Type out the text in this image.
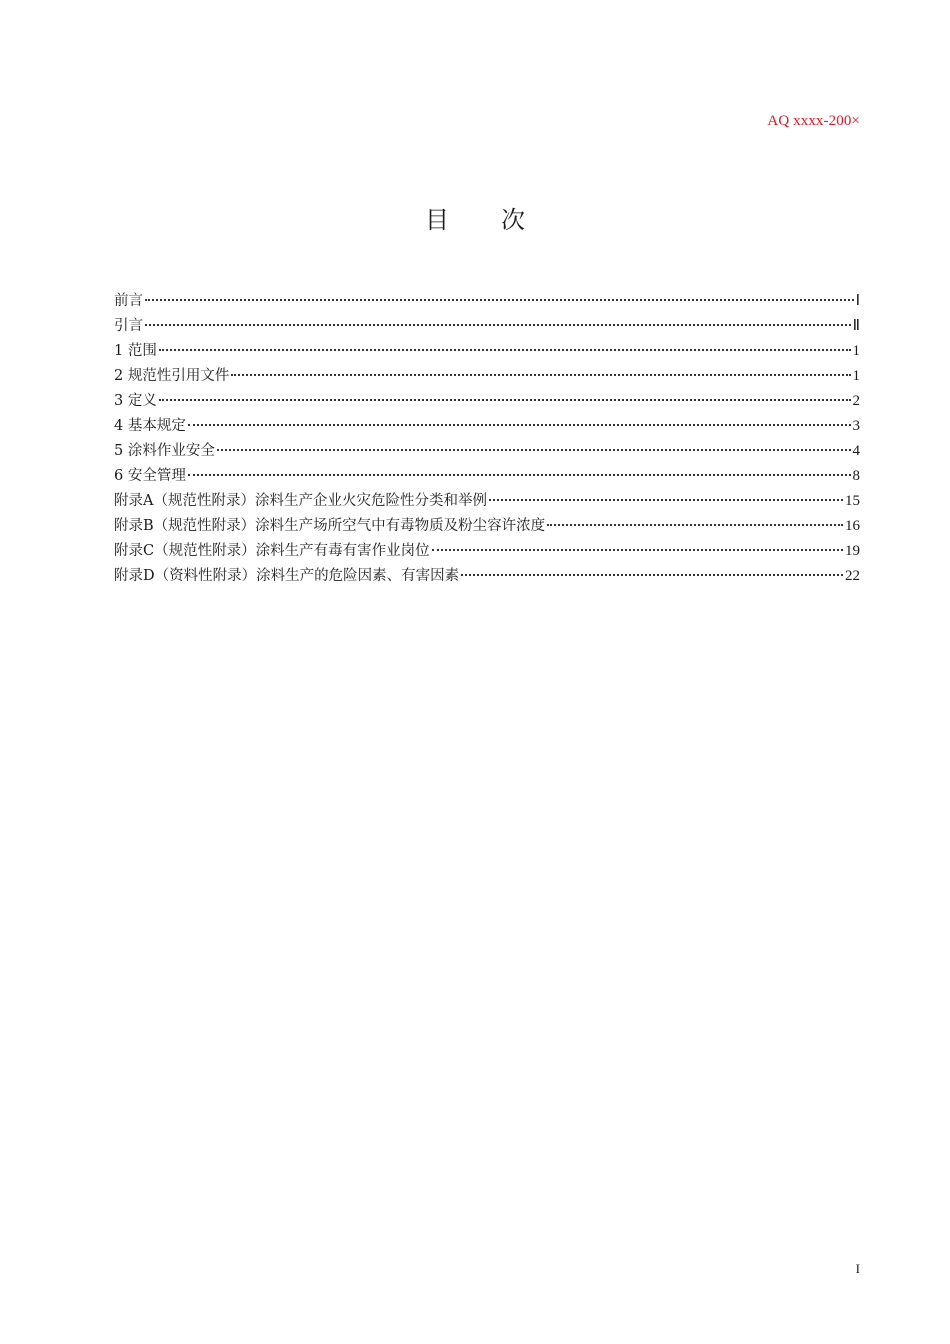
AQ xxxx-200×
目 次
前言	Ⅰ
引言	Ⅱ
1 范围	1
2 规范性引用文件	1
3 定义	2
4 基本规定	3
5 涂料作业安全	4
6 安全管理	8
附录A（规范性附录）涂料生产企业火灾危险性分类和举例	15
附录B（规范性附录）涂料生产场所空气中有毒物质及粉尘容许浓度	16
附录C（规范性附录）涂料生产有毒有害作业岗位	19
附录D（资料性附录）涂料生产的危险因素、有害因素	22
I
